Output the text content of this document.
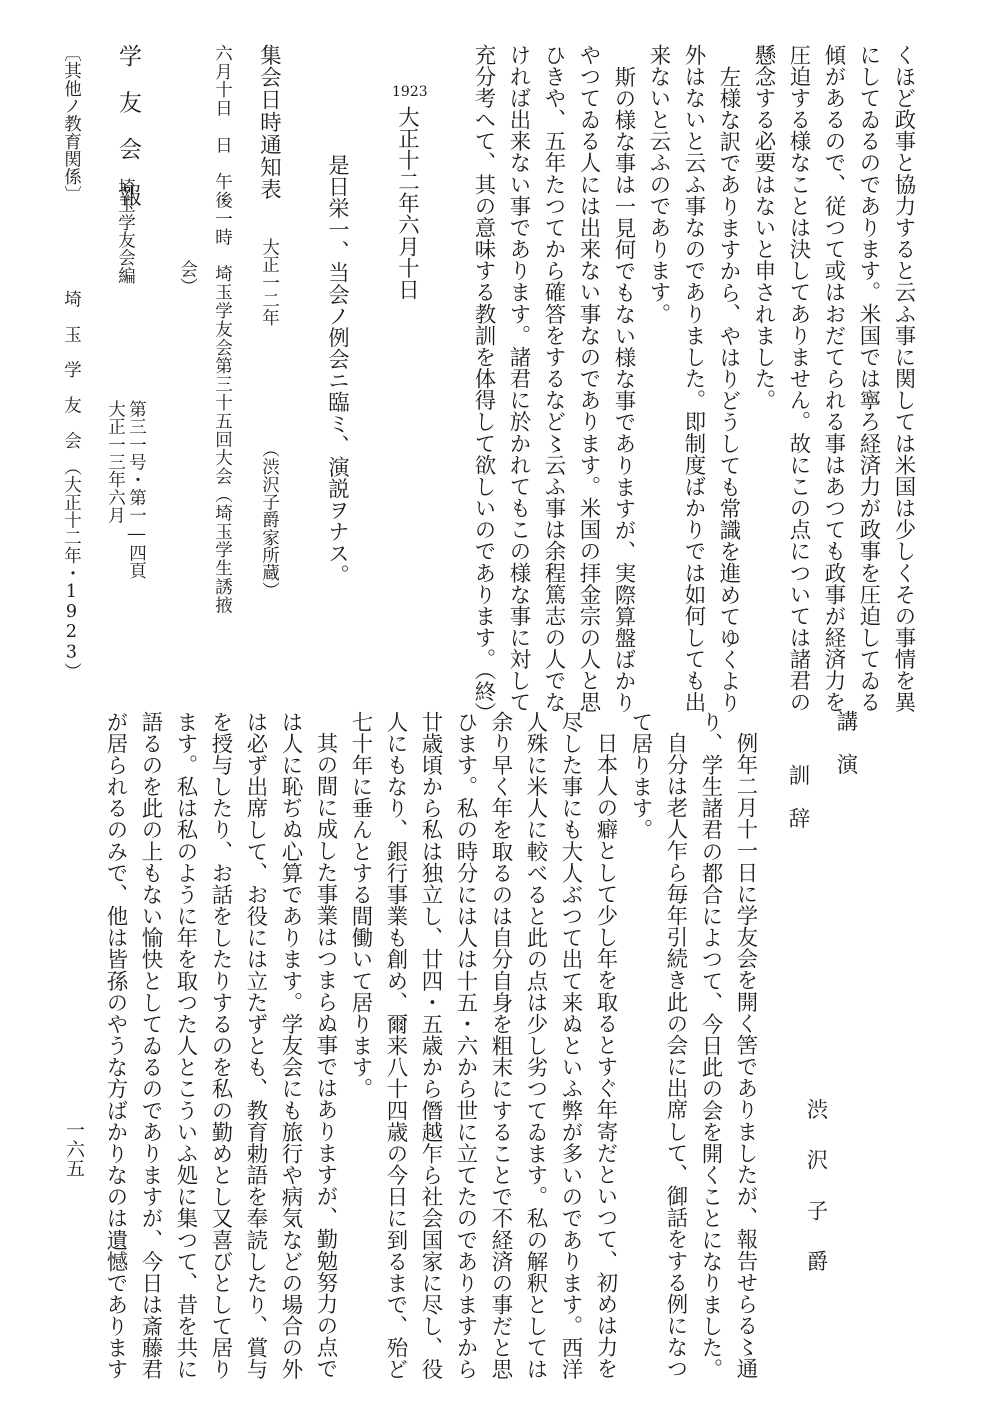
くほど政事と協力すると云ふ事に関しては米国は少しくその事情を異
にしてゐるのであります。米国では寧ろ経済力が政事を圧迫してゐる
傾があるので、従つて或はおだてられる事はあつても政事が経済力を
圧迫する様なことは決してありません。故にこの点については諸君の
懸念する必要はないと申されました。
左様な訳でありますから、やはりどうしても常識を進めてゆくより
外はないと云ふ事なのでありました。即制度ばかりでは如何しても出
来ないと云ふのであります。
斯の様な事は一見何でもない様な事でありますが、実際算盤ばかり
やつてゐる人には出来ない事なのであります。米国の拝金宗の人と思
ひきや、五年たつてから確答をするなど〻云ふ事は余程篤志の人でな
ければ出来ない事であります。諸君に於かれてもこの様な事に対して
充分考へて、其の意味する教訓を体得して欲しいのであります。（終）
1923
大正十二年六月十日
是日栄一、当会ノ例会ニ臨ミ、演説ヲナス。
集会日時通知表
大正一二年
（渋沢子爵家所蔵）
六月十日　日　午後一時　埼玉学友会第三十五回大会（埼玉学生誘掖
会）
学　友　会　報
埼玉学友会編
第三一号・第一―四頁
大正一三年六月
〔其他ノ教育関係〕
埼　玉　学　友　会　（大正十二年・1923）
講　演
訓　辞
渋　沢　子　爵
例年二月十一日に学友会を開く筈でありましたが、報告せらる〻通
り、学生諸君の都合によつて、今日此の会を開くことになりました。
自分は老人乍ら毎年引続き此の会に出席して、御話をする例になつ
て居ります。
日本人の癖として少し年を取るとすぐ年寄だといつて、初めは力を
尽した事にも大人ぶつて出て来ぬといふ弊が多いのであります。西洋
人殊に米人に較べると此の点は少し劣つてゐます。私の解釈としては
余り早く年を取るのは自分自身を粗末にすることで不経済の事だと思
ひます。私の時分には人は十五・六から世に立てたのでありますから
廿歳頃から私は独立し、廿四・五歳から僭越乍ら社会国家に尽し、役
人にもなり、銀行事業も創め、爾来八十四歳の今日に到るまで、殆ど
七十年に垂んとする間働いて居ります。
其の間に成した事業はつまらぬ事ではありますが、勤勉努力の点で
は人に恥ぢぬ心算であります。学友会にも旅行や病気などの場合の外
は必ず出席して、お役には立たずとも、教育勅語を奉読したり、賞与
を授与したり、お話をしたりするのを私の勤めとし又喜びとして居り
ます。私は私のように年を取つた人とこういふ処に集つて、昔を共に
語るのを此の上もない愉快としてゐるのでありますが、今日は斎藤君
が居られるのみで、他は皆孫のやうな方ばかりなのは遺憾であります
一六五
